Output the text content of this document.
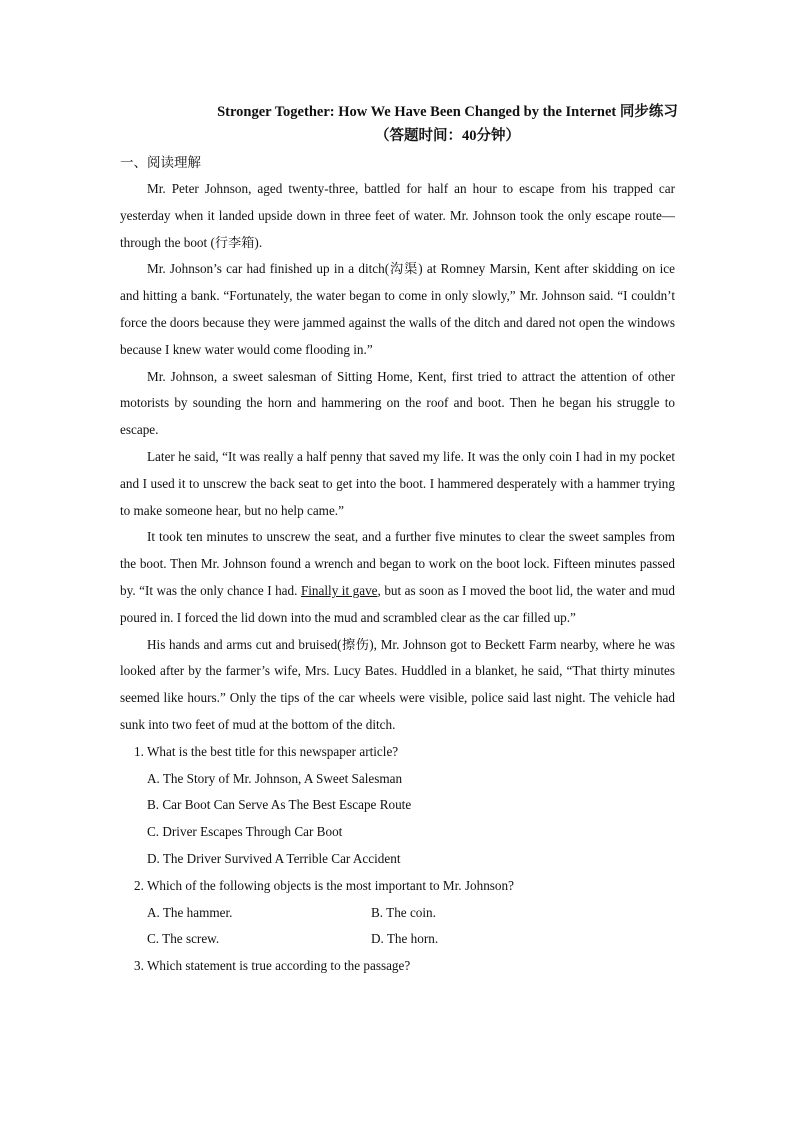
Stronger Together: How We Have Been Changed by the Internet 同步练习
（答题时间：40分钟）
一、阅读理解

Mr. Peter Johnson, aged twenty-three, battled for half an hour to escape from his trapped car yesterday when it landed upside down in three feet of water. Mr. Johnson took the only escape route—through the boot (行李箱).

Mr. Johnson’s car had finished up in a ditch(沟渠) at Romney Marsin, Kent after skidding on ice and hitting a bank. “Fortunately, the water began to come in only slowly,” Mr. Johnson said. “I couldn’t force the doors because they were jammed against the walls of the ditch and dared not open the windows because I knew water would come flooding in.”

Mr. Johnson, a sweet salesman of Sitting Home, Kent, first tried to attract the attention of other motorists by sounding the horn and hammering on the roof and boot. Then he began his struggle to escape.

Later he said, “It was really a half penny that saved my life. It was the only coin I had in my pocket and I used it to unscrew the back seat to get into the boot. I hammered desperately with a hammer trying to make someone hear, but no help came.”

It took ten minutes to unscrew the seat, and a further five minutes to clear the sweet samples from the boot. Then Mr. Johnson found a wrench and began to work on the boot lock. Fifteen minutes passed by. “It was the only chance I had. Finally it gave, but as soon as I moved the boot lid, the water and mud poured in. I forced the lid down into the mud and scrambled clear as the car filled up.”

His hands and arms cut and bruised(擦伤), Mr. Johnson got to Beckett Farm nearby, where he was looked after by the farmer’s wife, Mrs. Lucy Bates. Huddled in a blanket, he said, “That thirty minutes seemed like hours.” Only the tips of the car wheels were visible, police said last night. The vehicle had sunk into two feet of mud at the bottom of the ditch.

1. What is the best title for this newspaper article?
A. The Story of Mr. Johnson, A Sweet Salesman
B. Car Boot Can Serve As The Best Escape Route
C. Driver Escapes Through Car Boot
D. The Driver Survived A Terrible Car Accident
2. Which of the following objects is the most important to Mr. Johnson?
A. The hammer.	B. The coin.
C. The screw.	D. The horn.
3. Which statement is true according to the passage?
